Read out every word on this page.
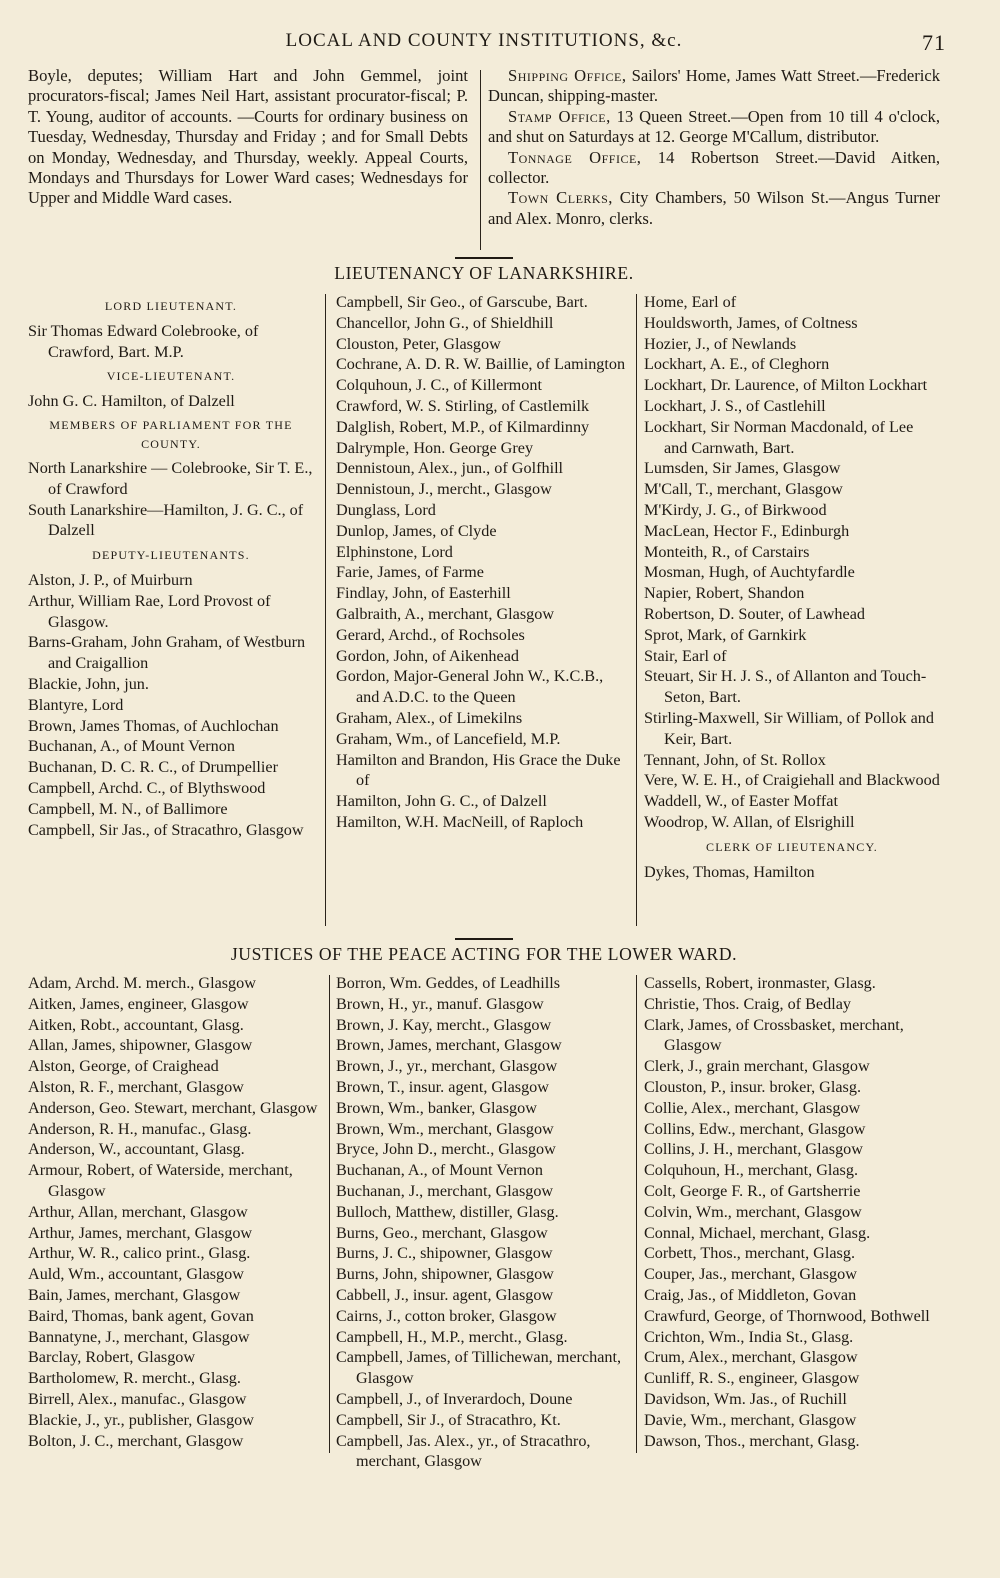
LOCAL AND COUNTY INSTITUTIONS, &c.	71

Boyle, deputes; William Hart and John Gemmel, joint procurators-fiscal; James Neil Hart, assistant procurator-fiscal; P. T. Young, auditor of accounts. —Courts for ordinary business on Tuesday, Wednesday, Thursday and Friday ; and for Small Debts on Monday, Wednesday, and Thursday, weekly. Appeal Courts, Mondays and Thursdays for Lower Ward cases; Wednesdays for Upper and Middle Ward cases.

Shipping Office, Sailors' Home, James Watt Street.—Frederick Duncan, shipping-master.

Stamp Office, 13 Queen Street.—Open from 10 till 4 o'clock, and shut on Saturdays at 12. George M'Callum, distributor.

Tonnage Office, 14 Robertson Street.—David Aitken, collector.

Town Clerks, City Chambers, 50 Wilson St.—Angus Turner and Alex. Monro, clerks.

LIEUTENANCY OF LANARKSHIRE.
LORD LIEUTENANT.
Sir Thomas Edward Colebrooke, of Crawford, Bart. M.P.
VICE-LIEUTENANT.
John G. C. Hamilton, of Dalzell
MEMBERS OF PARLIAMENT FOR THE COUNTY.
North Lanarkshire — Colebrooke, Sir T. E., of Crawford
South Lanarkshire—Hamilton, J. G. C., of Dalzell
DEPUTY-LIEUTENANTS.
Alston, J. P., of Muirburn
Arthur, William Rae, Lord Provost of Glasgow.
Barns-Graham, John Graham, of Westburn and Craigallion
Blackie, John, jun.
Blantyre, Lord
Brown, James Thomas, of Auchlochan
Buchanan, A., of Mount Vernon
Buchanan, D. C. R. C., of Drumpellier
Campbell, Archd. C., of Blythswood
Campbell, M. N., of Ballimore
Campbell, Sir Jas., of Stracathro, Glasgow
Campbell, Sir Geo., of Garscube, Bart.
Chancellor, John G., of Shieldhill
Clouston, Peter, Glasgow
Cochrane, A. D. R. W. Baillie, of Lamington
Colquhoun, J. C., of Killermont
Crawford, W. S. Stirling, of Castlemilk
Dalglish, Robert, M.P., of Kilmardinny
Dalrymple, Hon. George Grey
Dennistoun, Alex., jun., of Golfhill
Dennistoun, J., mercht., Glasgow
Dunglass, Lord
Dunlop, James, of Clyde
Elphinstone, Lord
Farie, James, of Farme
Findlay, John, of Easterhill
Galbraith, A., merchant, Glasgow
Gerard, Archd., of Rochsoles
Gordon, John, of Aikenhead
Gordon, Major-General John W., K.C.B., and A.D.C. to the Queen
Graham, Alex., of Limekilns
Graham, Wm., of Lancefield, M.P.
Hamilton and Brandon, His Grace the Duke of
Hamilton, John G. C., of Dalzell
Hamilton, W.H. MacNeill, of Raploch
Home, Earl of
Houldsworth, James, of Coltness
Hozier, J., of Newlands
Lockhart, A. E., of Cleghorn
Lockhart, Dr. Laurence, of Milton Lockhart
Lockhart, J. S., of Castlehill
Lockhart, Sir Norman Macdonald, of Lee and Carnwath, Bart.
Lumsden, Sir James, Glasgow
M'Call, T., merchant, Glasgow
M'Kirdy, J. G., of Birkwood
MacLean, Hector F., Edinburgh
Monteith, R., of Carstairs
Mosman, Hugh, of Auchtyfardle
Napier, Robert, Shandon
Robertson, D. Souter, of Lawhead
Sprot, Mark, of Garnkirk
Stair, Earl of
Steuart, Sir H. J. S., of Allanton and Touch-Seton, Bart.
Stirling-Maxwell, Sir William, of Pollok and Keir, Bart.
Tennant, John, of St. Rollox
Vere, W. E. H., of Craigiehall and Blackwood
Waddell, W., of Easter Moffat
Woodrop, W. Allan, of Elsrighill
CLERK OF LIEUTENANCY.
Dykes, Thomas, Hamilton
JUSTICES OF THE PEACE ACTING FOR THE LOWER WARD.
Adam, Archd. M. merch., Glasgow
Aitken, James, engineer, Glasgow
Aitken, Robt., accountant, Glasg.
Allan, James, shipowner, Glasgow
Alston, George, of Craighead
Alston, R. F., merchant, Glasgow
Anderson, Geo. Stewart, merchant, Glasgow
Anderson, R. H., manufac., Glasg.
Anderson, W., accountant, Glasg.
Armour, Robert, of Waterside, merchant, Glasgow
Arthur, Allan, merchant, Glasgow
Arthur, James, merchant, Glasgow
Arthur, W. R., calico print., Glasg.
Auld, Wm., accountant, Glasgow
Bain, James, merchant, Glasgow
Baird, Thomas, bank agent, Govan
Bannatyne, J., merchant, Glasgow
Barclay, Robert, Glasgow
Bartholomew, R. mercht., Glasg.
Birrell, Alex., manufac., Glasgow
Blackie, J., yr., publisher, Glasgow
Bolton, J. C., merchant, Glasgow
Borron, Wm. Geddes, of Leadhills
Brown, H., yr., manuf. Glasgow
Brown, J. Kay, mercht., Glasgow
Brown, James, merchant, Glasgow
Brown, J., yr., merchant, Glasgow
Brown, T., insur. agent, Glasgow
Brown, Wm., banker, Glasgow
Brown, Wm., merchant, Glasgow
Bryce, John D., mercht., Glasgow
Buchanan, A., of Mount Vernon
Buchanan, J., merchant, Glasgow
Bulloch, Matthew, distiller, Glasg.
Burns, Geo., merchant, Glasgow
Burns, J. C., shipowner, Glasgow
Burns, John, shipowner, Glasgow
Cabbell, J., insur. agent, Glasgow
Cairns, J., cotton broker, Glasgow
Campbell, H., M.P., mercht., Glasg.
Campbell, James, of Tillichewan, merchant, Glasgow
Campbell, J., of Inverardoch, Doune
Campbell, Sir J., of Stracathro, Kt.
Campbell, Jas. Alex., yr., of Stracathro, merchant, Glasgow
Cassells, Robert, ironmaster, Glasg.
Christie, Thos. Craig, of Bedlay
Clark, James, of Crossbasket, merchant, Glasgow
Clerk, J., grain merchant, Glasgow
Clouston, P., insur. broker, Glasg.
Collie, Alex., merchant, Glasgow
Collins, Edw., merchant, Glasgow
Collins, J. H., merchant, Glasgow
Colquhoun, H., merchant, Glasg.
Colt, George F. R., of Gartsherrie
Colvin, Wm., merchant, Glasgow
Connal, Michael, merchant, Glasg.
Corbett, Thos., merchant, Glasg.
Couper, Jas., merchant, Glasgow
Craig, Jas., of Middleton, Govan
Crawfurd, George, of Thornwood, Bothwell
Crichton, Wm., India St., Glasg.
Crum, Alex., merchant, Glasgow
Cunliff, R. S., engineer, Glasgow
Davidson, Wm. Jas., of Ruchill
Davie, Wm., merchant, Glasgow
Dawson, Thos., merchant, Glasg.
